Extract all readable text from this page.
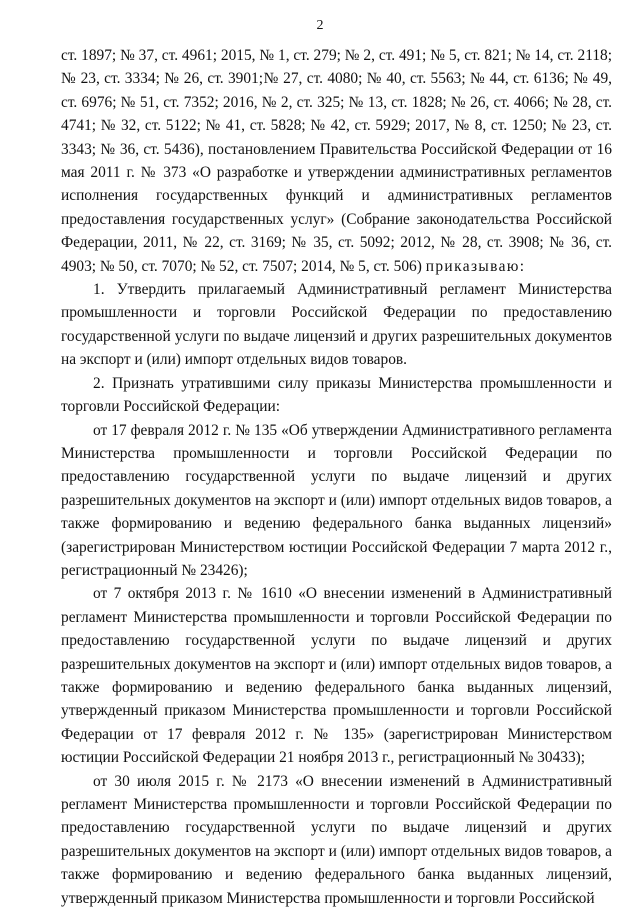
2

ст. 1897; № 37, ст. 4961; 2015, № 1, ст. 279; № 2, ст. 491; № 5, ст. 821; № 14, ст. 2118; № 23, ст. 3334; № 26, ст. 3901;№ 27, ст. 4080; № 40, ст. 5563; № 44, ст. 6136; № 49, ст. 6976; № 51, ст. 7352; 2016, № 2, ст. 325; № 13, ст. 1828; № 26, ст. 4066; № 28, ст. 4741; № 32, ст. 5122; № 41, ст. 5828; № 42, ст. 5929; 2017, № 8, ст. 1250; № 23, ст. 3343; № 36, ст. 5436), постановлением Правительства Российской Федерации от 16 мая 2011 г. № 373 «О разработке и утверждении административных регламентов исполнения государственных функций и административных регламентов предоставления государственных услуг» (Собрание законодательства Российской Федерации, 2011, № 22, ст. 3169; № 35, ст. 5092; 2012, № 28, ст. 3908; № 36, ст. 4903; № 50, ст. 7070; № 52, ст. 7507; 2014, № 5, ст. 506) приказываю:

1. Утвердить прилагаемый Административный регламент Министерства промышленности и торговли Российской Федерации по предоставлению государственной услуги по выдаче лицензий и других разрешительных документов на экспорт и (или) импорт отдельных видов товаров.

2. Признать утратившими силу приказы Министерства промышленности и торговли Российской Федерации:

от 17 февраля 2012 г. № 135 «Об утверждении Административного регламента Министерства промышленности и торговли Российской Федерации по предоставлению государственной услуги по выдаче лицензий и других разрешительных документов на экспорт и (или) импорт отдельных видов товаров, а также формированию и ведению федерального банка выданных лицензий» (зарегистрирован Министерством юстиции Российской Федерации 7 марта 2012 г., регистрационный № 23426);

от 7 октября 2013 г. № 1610 «О внесении изменений в Административный регламент Министерства промышленности и торговли Российской Федерации по предоставлению государственной услуги по выдаче лицензий и других разрешительных документов на экспорт и (или) импорт отдельных видов товаров, а также формированию и ведению федерального банка выданных лицензий, утвержденный приказом Министерства промышленности и торговли Российской Федерации от 17 февраля 2012 г. № 135» (зарегистрирован Министерством юстиции Российской Федерации 21 ноября 2013 г., регистрационный № 30433);

от 30 июля 2015 г. № 2173 «О внесении изменений в Административный регламент Министерства промышленности и торговли Российской Федерации по предоставлению государственной услуги по выдаче лицензий и других разрешительных документов на экспорт и (или) импорт отдельных видов товаров, а также формированию и ведению федерального банка выданных лицензий, утвержденный приказом Министерства промышленности и торговли Российской
